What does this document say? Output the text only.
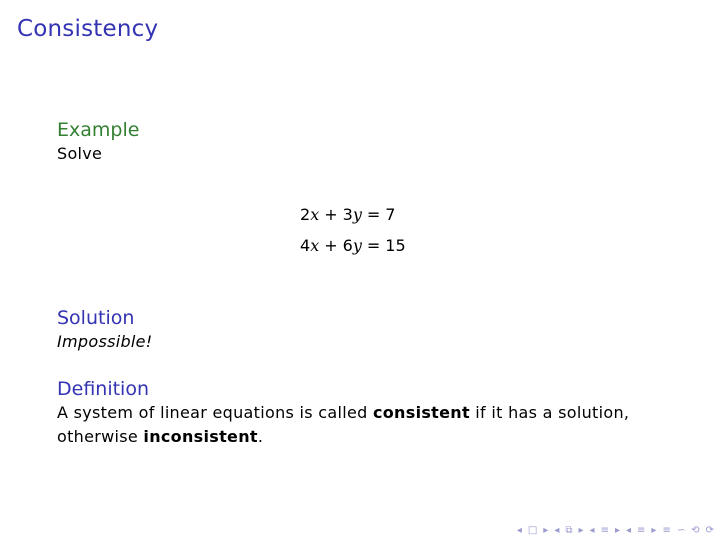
Consistency
Example
Solve
2x + 3y = 7
4x + 6y = 15
Solution
Impossible!
Definition
A system of linear equations is called consistent if it has a solution, otherwise inconsistent.
◂ □ ▸ ◂ ⧉ ▸ ◂ ≡ ▸ ◂ ≡ ▸ ≡ ∽ ⟲ ⟳
